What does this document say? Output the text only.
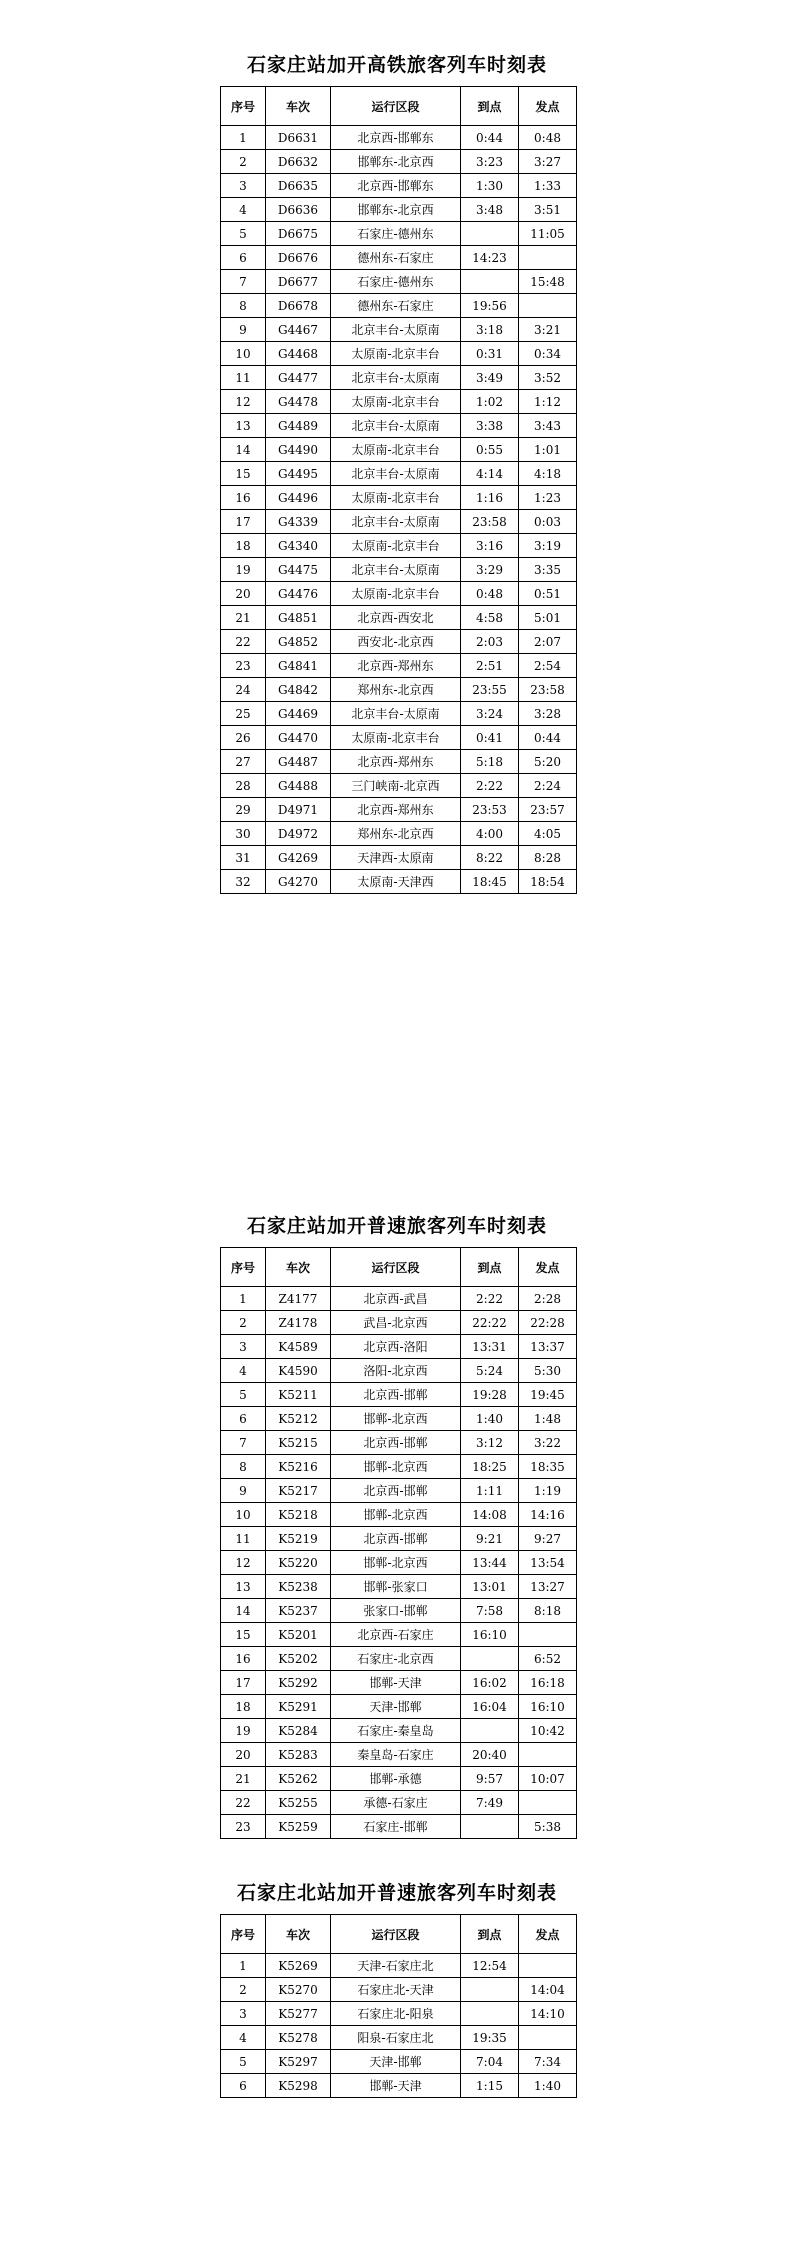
石家庄站加开高铁旅客列车时刻表
序号	车次	运行区段	到点	发点
1	D6631	北京西-邯郸东	0:44	0:48
2	D6632	邯郸东-北京西	3:23	3:27
3	D6635	北京西-邯郸东	1:30	1:33
4	D6636	邯郸东-北京西	3:48	3:51
5	D6675	石家庄-德州东		11:05
6	D6676	德州东-石家庄	14:23	
7	D6677	石家庄-德州东		15:48
8	D6678	德州东-石家庄	19:56	
9	G4467	北京丰台-太原南	3:18	3:21
10	G4468	太原南-北京丰台	0:31	0:34
11	G4477	北京丰台-太原南	3:49	3:52
12	G4478	太原南-北京丰台	1:02	1:12
13	G4489	北京丰台-太原南	3:38	3:43
14	G4490	太原南-北京丰台	0:55	1:01
15	G4495	北京丰台-太原南	4:14	4:18
16	G4496	太原南-北京丰台	1:16	1:23
17	G4339	北京丰台-太原南	23:58	0:03
18	G4340	太原南-北京丰台	3:16	3:19
19	G4475	北京丰台-太原南	3:29	3:35
20	G4476	太原南-北京丰台	0:48	0:51
21	G4851	北京西-西安北	4:58	5:01
22	G4852	西安北-北京西	2:03	2:07
23	G4841	北京西-郑州东	2:51	2:54
24	G4842	郑州东-北京西	23:55	23:58
25	G4469	北京丰台-太原南	3:24	3:28
26	G4470	太原南-北京丰台	0:41	0:44
27	G4487	北京西-郑州东	5:18	5:20
28	G4488	三门峡南-北京西	2:22	2:24
29	D4971	北京西-郑州东	23:53	23:57
30	D4972	郑州东-北京西	4:00	4:05
31	G4269	天津西-太原南	8:22	8:28
32	G4270	太原南-天津西	18:45	18:54
石家庄站加开普速旅客列车时刻表
序号	车次	运行区段	到点	发点
1	Z4177	北京西-武昌	2:22	2:28
2	Z4178	武昌-北京西	22:22	22:28
3	K4589	北京西-洛阳	13:31	13:37
4	K4590	洛阳-北京西	5:24	5:30
5	K5211	北京西-邯郸	19:28	19:45
6	K5212	邯郸-北京西	1:40	1:48
7	K5215	北京西-邯郸	3:12	3:22
8	K5216	邯郸-北京西	18:25	18:35
9	K5217	北京西-邯郸	1:11	1:19
10	K5218	邯郸-北京西	14:08	14:16
11	K5219	北京西-邯郸	9:21	9:27
12	K5220	邯郸-北京西	13:44	13:54
13	K5238	邯郸-张家口	13:01	13:27
14	K5237	张家口-邯郸	7:58	8:18
15	K5201	北京西-石家庄	16:10	
16	K5202	石家庄-北京西		6:52
17	K5292	邯郸-天津	16:02	16:18
18	K5291	天津-邯郸	16:04	16:10
19	K5284	石家庄-秦皇岛		10:42
20	K5283	秦皇岛-石家庄	20:40	
21	K5262	邯郸-承德	9:57	10:07
22	K5255	承德-石家庄	7:49	
23	K5259	石家庄-邯郸		5:38
石家庄北站加开普速旅客列车时刻表
序号	车次	运行区段	到点	发点
1	K5269	天津-石家庄北	12:54	
2	K5270	石家庄北-天津		14:04
3	K5277	石家庄北-阳泉		14:10
4	K5278	阳泉-石家庄北	19:35	
5	K5297	天津-邯郸	7:04	7:34
6	K5298	邯郸-天津	1:15	1:40
